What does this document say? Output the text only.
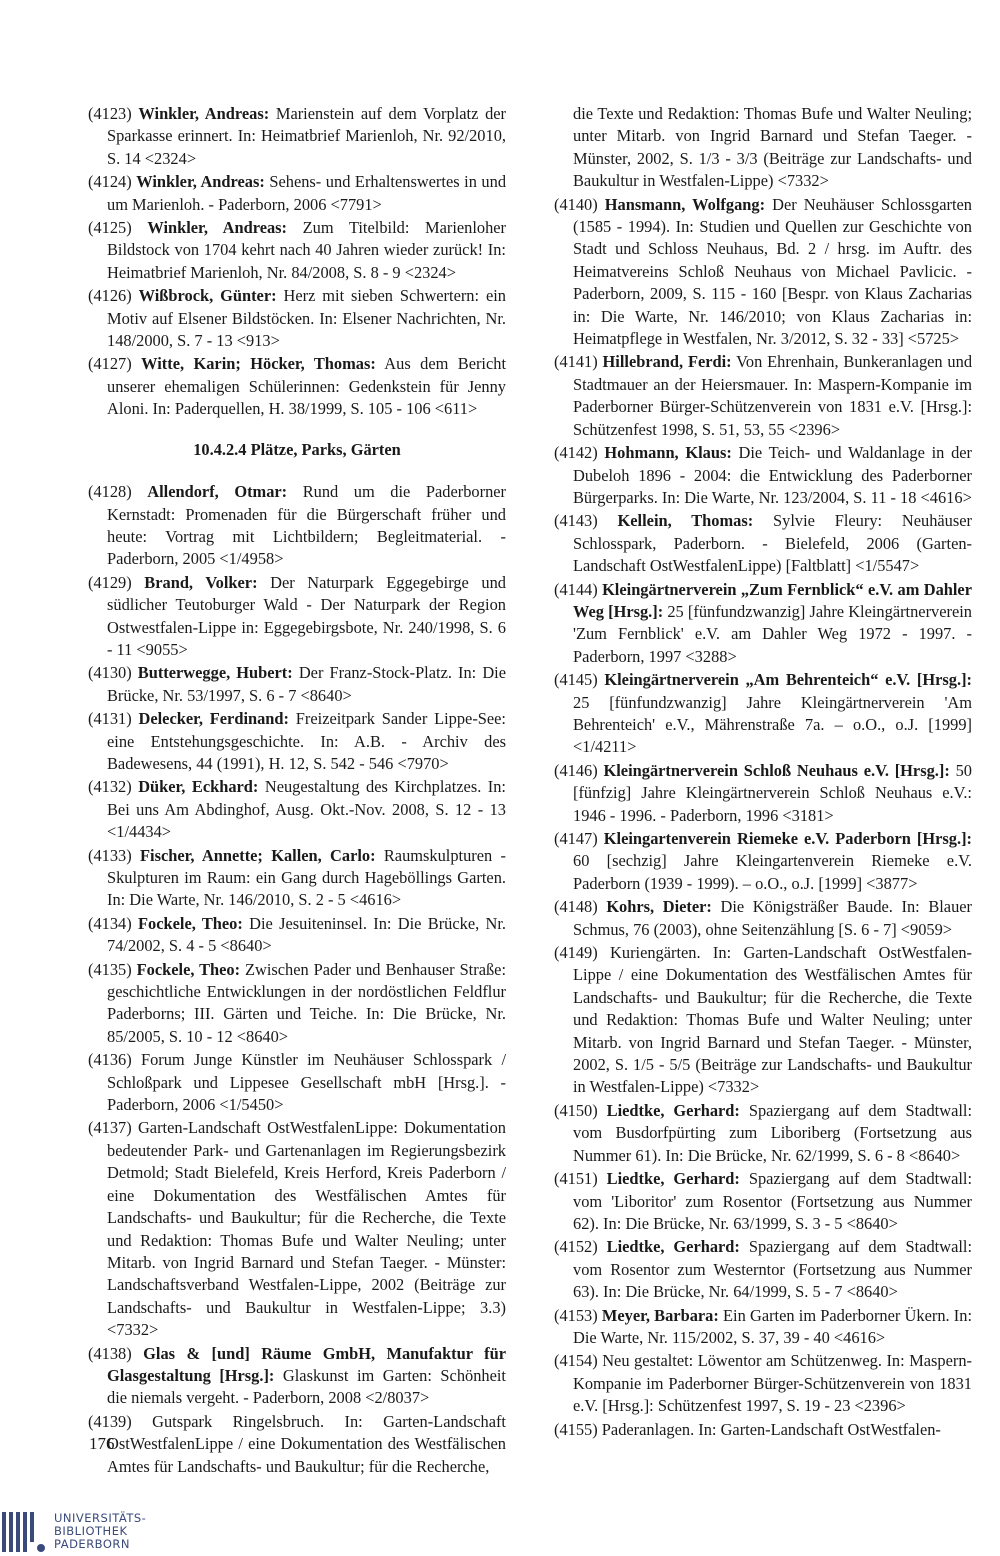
(4123) Winkler, Andreas: Marienstein auf dem Vorplatz der Sparkasse erinnert. In: Heimatbrief Marienloh, Nr. 92/2010, S. 14 <2324>

(4124) Winkler, Andreas: Sehens- und Erhaltenswertes in und um Marienloh. - Paderborn, 2006 <7791>

(4125) Winkler, Andreas: Zum Titelbild: Marienloher Bildstock von 1704 kehrt nach 40 Jahren wieder zurück! In: Heimatbrief Marienloh, Nr. 84/2008, S. 8 - 9 <2324>

(4126) Wißbrock, Günter: Herz mit sieben Schwertern: ein Motiv auf Elsener Bildstöcken. In: Elsener Nachrichten, Nr. 148/2000, S. 7 - 13 <913>

(4127) Witte, Karin; Höcker, Thomas: Aus dem Bericht unserer ehemaligen Schülerinnen: Gedenkstein für Jenny Aloni. In: Paderquellen, H. 38/1999, S. 105 - 106 <611>

10.4.2.4 Plätze, Parks, Gärten

(4128) Allendorf, Otmar: Rund um die Paderborner Kernstadt: Promenaden für die Bürgerschaft früher und heute: Vortrag mit Lichtbildern; Begleitmaterial. - Paderborn, 2005 <1/4958>

(4129) Brand, Volker: Der Naturpark Eggegebirge und südlicher Teutoburger Wald - Der Naturpark der Region Ostwestfalen-Lippe in: Eggegebirgsbote, Nr. 240/1998, S. 6 - 11 <9055>

(4130) Butterwegge, Hubert: Der Franz-Stock-Platz. In: Die Brücke, Nr. 53/1997, S. 6 - 7 <8640>

(4131) Delecker, Ferdinand: Freizeitpark Sander Lippe-See: eine Entstehungsgeschichte. In: A.B. - Archiv des Badewesens, 44 (1991), H. 12, S. 542 - 546 <7970>

(4132) Düker, Eckhard: Neugestaltung des Kirchplatzes. In: Bei uns Am Abdinghof, Ausg. Okt.-Nov. 2008, S. 12 - 13 <1/4434>

(4133) Fischer, Annette; Kallen, Carlo: Raumskulpturen - Skulpturen im Raum: ein Gang durch Hageböllings Garten. In: Die Warte, Nr. 146/2010, S. 2 - 5 <4616>

(4134) Fockele, Theo: Die Jesuiteninsel. In: Die Brücke, Nr. 74/2002, S. 4 - 5 <8640>

(4135) Fockele, Theo: Zwischen Pader und Benhauser Straße: geschichtliche Entwicklungen in der nordöstlichen Feldflur Paderborns; III. Gärten und Teiche. In: Die Brücke, Nr. 85/2005, S. 10 - 12 <8640>

(4136) Forum Junge Künstler im Neuhäuser Schlosspark / Schloßpark und Lippesee Gesellschaft mbH [Hrsg.]. - Paderborn, 2006 <1/5450>

(4137) Garten-Landschaft OstWestfalenLippe: Dokumentation bedeutender Park- und Gartenanlagen im Regierungsbezirk Detmold; Stadt Bielefeld, Kreis Herford, Kreis Paderborn / eine Dokumentation des Westfälischen Amtes für Landschafts- und Baukultur; für die Recherche, die Texte und Redaktion: Thomas Bufe und Walter Neuling; unter Mitarb. von Ingrid Barnard und Stefan Taeger. - Münster: Landschaftsverband Westfalen-Lippe, 2002 (Beiträge zur Landschafts- und Baukultur in Westfalen-Lippe; 3.3) <7332>

(4138) Glas & [und] Räume GmbH, Manufaktur für Glasgestaltung [Hrsg.]: Glaskunst im Garten: Schönheit die niemals vergeht. - Paderborn, 2008 <2/8037>

(4139) Gutspark Ringelsbruch. In: Garten-Landschaft OstWestfalenLippe / eine Dokumentation des Westfälischen Amtes für Landschafts- und Baukultur; für die Recherche,

die Texte und Redaktion: Thomas Bufe und Walter Neuling; unter Mitarb. von Ingrid Barnard und Stefan Taeger. - Münster, 2002, S. 1/3 - 3/3 (Beiträge zur Landschafts- und Baukultur in Westfalen-Lippe) <7332>

(4140) Hansmann, Wolfgang: Der Neuhäuser Schlossgarten (1585 - 1994). In: Studien und Quellen zur Geschichte von Stadt und Schloss Neuhaus, Bd. 2 / hrsg. im Auftr. des Heimatvereins Schloß Neuhaus von Michael Pavlicic. - Paderborn, 2009, S. 115 - 160 [Bespr. von Klaus Zacharias in: Die Warte, Nr. 146/2010; von Klaus Zacharias in: Heimatpflege in Westfalen, Nr. 3/2012, S. 32 - 33] <5725>

(4141) Hillebrand, Ferdi: Von Ehrenhain, Bunkeranlagen und Stadtmauer an der Heiersmauer. In: Maspern-Kompanie im Paderborner Bürger-Schützenverein von 1831 e.V. [Hrsg.]: Schützenfest 1998, S. 51, 53, 55 <2396>

(4142) Hohmann, Klaus: Die Teich- und Waldanlage in der Dubeloh 1896 - 2004: die Entwicklung des Paderborner Bürgerparks. In: Die Warte, Nr. 123/2004, S. 11 - 18 <4616>

(4143) Kellein, Thomas: Sylvie Fleury: Neuhäuser Schlosspark, Paderborn. - Bielefeld, 2006 (Garten-Landschaft OstWestfalenLippe) [Faltblatt] <1/5547>

(4144) Kleingärtnerverein „Zum Fernblick“ e.V. am Dahler Weg [Hrsg.]: 25 [fünfundzwanzig] Jahre Kleingärtnerverein 'Zum Fernblick' e.V. am Dahler Weg 1972 - 1997. - Paderborn, 1997 <3288>

(4145) Kleingärtnerverein „Am Behrenteich“ e.V. [Hrsg.]: 25 [fünfundzwanzig] Jahre Kleingärtnerverein 'Am Behrenteich' e.V., Mährenstraße 7a. – o.O., o.J. [1999] <1/4211>

(4146) Kleingärtnerverein Schloß Neuhaus e.V. [Hrsg.]: 50 [fünfzig] Jahre Kleingärtnerverein Schloß Neuhaus e.V.: 1946 - 1996. - Paderborn, 1996 <3181>

(4147) Kleingartenverein Riemeke e.V. Paderborn [Hrsg.]: 60 [sechzig] Jahre Kleingartenverein Riemeke e.V. Paderborn (1939 - 1999). – o.O., o.J. [1999] <3877>

(4148) Kohrs, Dieter: Die Königsträßer Baude. In: Blauer Schmus, 76 (2003), ohne Seitenzählung [S. 6 - 7] <9059>

(4149) Kuriengärten. In: Garten-Landschaft OstWestfalen-Lippe / eine Dokumentation des Westfälischen Amtes für Landschafts- und Baukultur; für die Recherche, die Texte und Redaktion: Thomas Bufe und Walter Neuling; unter Mitarb. von Ingrid Barnard und Stefan Taeger. - Münster, 2002, S. 1/5 - 5/5 (Beiträge zur Landschafts- und Baukultur in Westfalen-Lippe) <7332>

(4150) Liedtke, Gerhard: Spaziergang auf dem Stadtwall: vom Busdorfpürting zum Liboriberg (Fortsetzung aus Nummer 61). In: Die Brücke, Nr. 62/1999, S. 6 - 8 <8640>

(4151) Liedtke, Gerhard: Spaziergang auf dem Stadtwall: vom 'Liboritor' zum Rosentor (Fortsetzung aus Nummer 62). In: Die Brücke, Nr. 63/1999, S. 3 - 5 <8640>

(4152) Liedtke, Gerhard: Spaziergang auf dem Stadtwall: vom Rosentor zum Westerntor (Fortsetzung aus Nummer 63). In: Die Brücke, Nr. 64/1999, S. 5 - 7 <8640>

(4153) Meyer, Barbara: Ein Garten im Paderborner Ükern. In: Die Warte, Nr. 115/2002, S. 37, 39 - 40 <4616>

(4154) Neu gestaltet: Löwentor am Schützenweg. In: Maspern-Kompanie im Paderborner Bürger-Schützenverein von 1831 e.V. [Hrsg.]: Schützenfest 1997, S. 19 - 23 <2396>

(4155) Paderanlagen. In: Garten-Landschaft OstWestfalen-

176
UNIVERSITÄTS-
BIBLIOTHEK
PADERBORN
